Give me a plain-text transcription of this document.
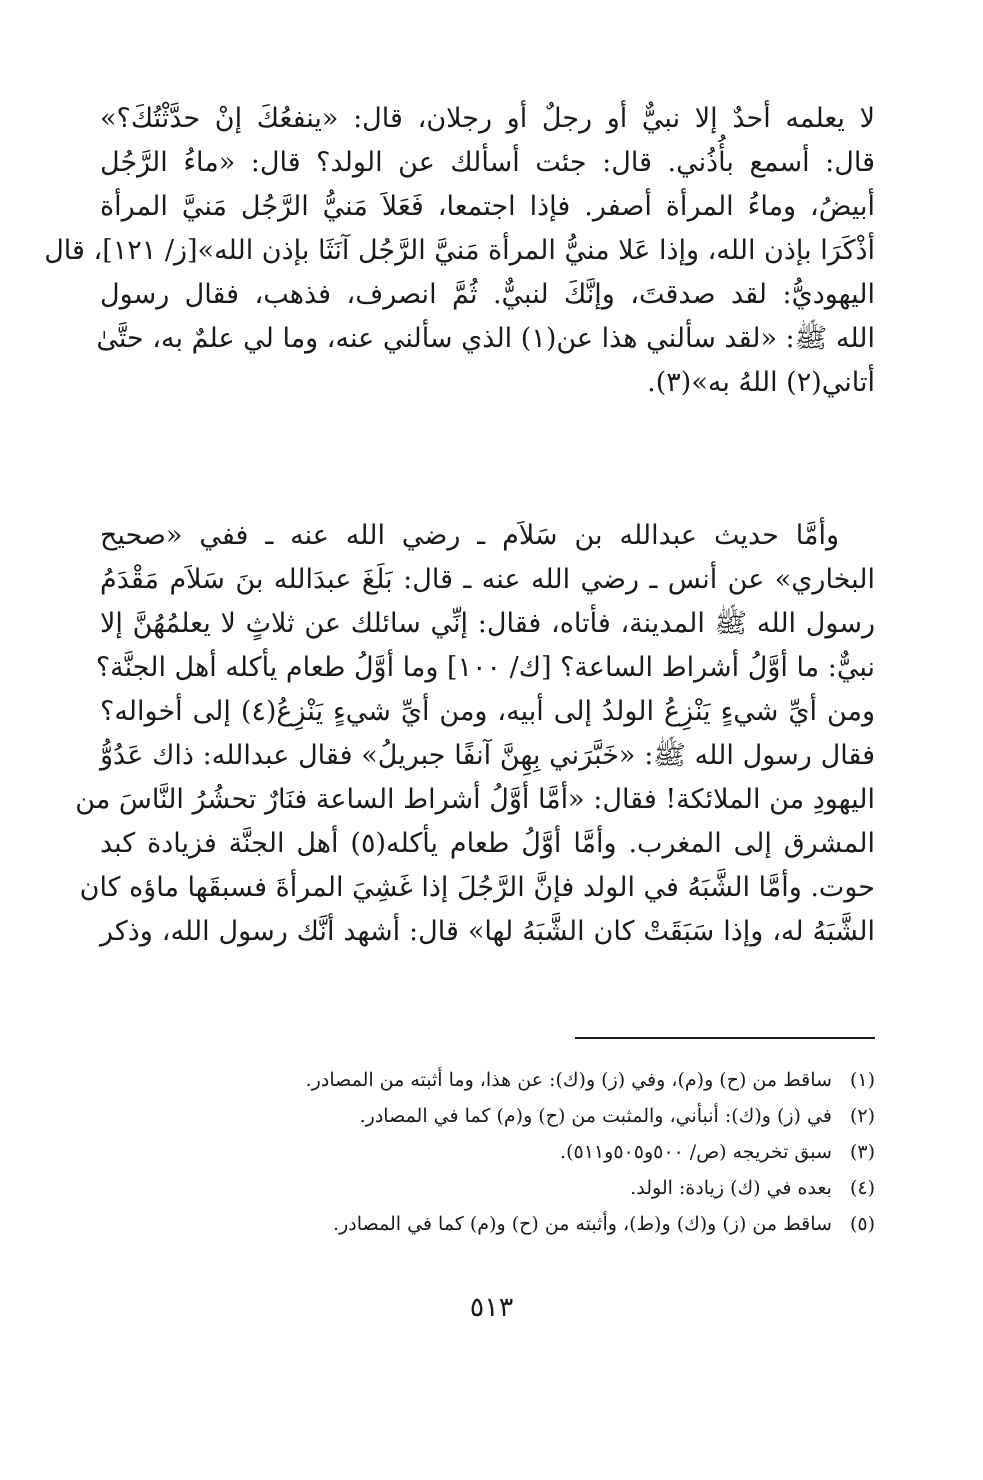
لا يعلمه أحدٌ إلا نبيٌّ أو رجلٌ أو رجلان، قال: «ينفعُكَ إنْ حدَّثْتُكَ؟»
قال: أسمع بأُذُني. قال: جئت أسألك عن الولد؟ قال: «ماءُ الرَّجُل
أبيضُ، وماءُ المرأة أصفر. فإذا اجتمعا، فَعَلاَ مَنيُّ الرَّجُل مَنيَّ المرأة
أذْكَرَا بإذن الله، وإذا عَلا منيُّ المرأة مَنيَّ الرَّجُل آنَثَا بإذن الله»[ز/ ١٢١]، قال
اليهوديُّ: لقد صدقتَ، وإنَّكَ لنبيٌّ. ثُمَّ انصرف، فذهب، فقال رسول
الله ﷺ: «لقد سألني هذا عن(١) الذي سألني عنه، وما لي علمٌ به، حتَّىٰ
أتاني(٢) اللهُ به»(٣).
وأمَّا حديث عبدالله بن سَلاَم ـ رضي الله عنه ـ ففي «صحيح
البخاري» عن أنس ـ رضي الله عنه ـ قال: بَلَغَ عبدَالله بنَ سَلاَم مَقْدَمُ
رسول الله ﷺ المدينة، فأتاه، فقال: إنِّي سائلك عن ثلاثٍ لا يعلمُهُنَّ إلا
نبيٌّ: ما أوَّلُ أشراط الساعة؟ [ك/ ١٠٠] وما أوَّلُ طعام يأكله أهل الجنَّة؟
ومن أيِّ شيءٍ يَنْزِعُ الولدُ إلى أبيه، ومن أيِّ شيءٍ يَنْزِعُ(٤) إلى أخواله؟
فقال رسول الله ﷺ: «خَبَّرَني بِهِنَّ آنفًا جبريلُ» فقال عبدالله: ذاك عَدُوُّ
اليهودِ من الملائكة! فقال: «أمَّا أوَّلُ أشراط الساعة فنَارٌ تحشُرُ النَّاسَ من
المشرق إلى المغرب. وأمَّا أوَّلُ طعام يأكله(٥) أهل الجنَّة فزيادة كبد
حوت. وأمَّا الشَّبَهُ في الولد فإنَّ الرَّجُلَ إذا غَشِيَ المرأةَ فسبقَها ماؤه كان
الشَّبَهُ له، وإذا سَبَقَتْ كان الشَّبَهُ لها» قال: أشهد أنَّك رسول الله، وذكر
(١)ساقط من (ح) و(م)، وفي (ز) و(ك): عن هذا، وما أثبته من المصادر.
(٢)في (ز) و(ك): أنبأني، والمثبت من (ح) و(م) كما في المصادر.
(٣)سبق تخريجه (ص/ ٥٠٠و٥٠٥و٥١١).
(٤)بعده في (ك) زيادة: الولد.
(٥)ساقط من (ز) و(ك) و(ط)، وأثبته من (ح) و(م) كما في المصادر.
٥١٣
